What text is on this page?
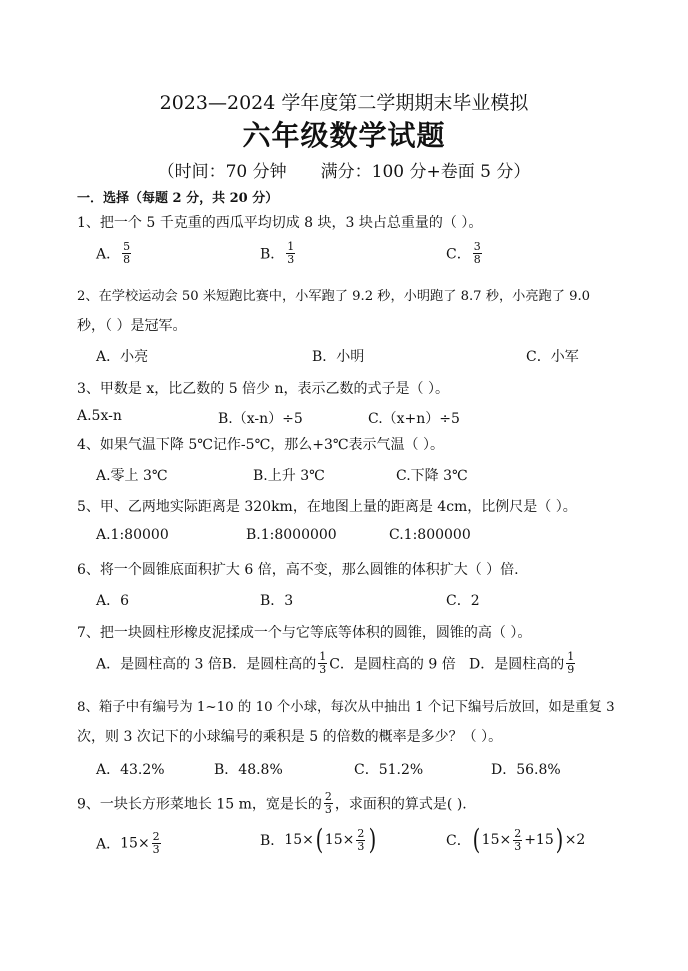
2023—2024 学年度第二学期期末毕业模拟
六年级数学试题
（时间：70 分钟 满分：100 分+卷面 5 分）
一．选择（每题 2 分，共 20 分）
1、把一个 5 千克重的西瓜平均切成 8 块，3 块占总重量的（ ）。
A． $\frac{5}{8}$	B． $\frac{1}{3}$	C． $\frac{3}{8}$
2、在学校运动会 50 米短跑比赛中，小军跑了 9.2 秒，小明跑了 8.7 秒，小亮跑了 9.0
秒，（ ）是冠军。
A．小亮	B．小明	C．小军
3、甲数是 x，比乙数的 5 倍少 n，表示乙数的式子是（ ）。
A.5x-n	B.（x-n）÷5	C.（x+n）÷5
4、如果气温下降 5℃记作-5℃，那么+3℃表示气温（ ）。
A.零上 3℃	B.上升 3℃	C.下降 3℃
5、甲、乙两地实际距离是 320km，在地图上量的距离是 4cm，比例尺是（ ）。
A.1:80000	B.1:8000000	C.1:800000
6、将一个圆锥底面积扩大 6 倍，高不变，那么圆锥的体积扩大（ ）倍.
A．6	B．3	C．2
7、把一块圆柱形橡皮泥揉成一个与它等底等体积的圆锥，圆锥的高（ ）。
A．是圆柱高的 3 倍B．是圆柱高的 $\frac{1}{3}$ C．是圆柱高的 9 倍 D．是圆柱高的 $\frac{1}{9}$
8、箱子中有编号为 1~10 的 10 个小球，每次从中抽出 1 个记下编号后放回，如是重复 3
次，则 3 次记下的小球编号的乘积是 5 的倍数的概率是多少？（ ）。
A．43.2%	B．48.8%	C．51.2%	D．56.8%
9、一块长方形菜地长 15 m，宽是长的 $\frac{2}{3}$ ，求面积的算式是( ).
A．$15\times \frac{2}{3}$	B．15×( $15\times \frac{2}{3}$ )	C．( $15\times \frac{2}{3} +15) \times 2$
